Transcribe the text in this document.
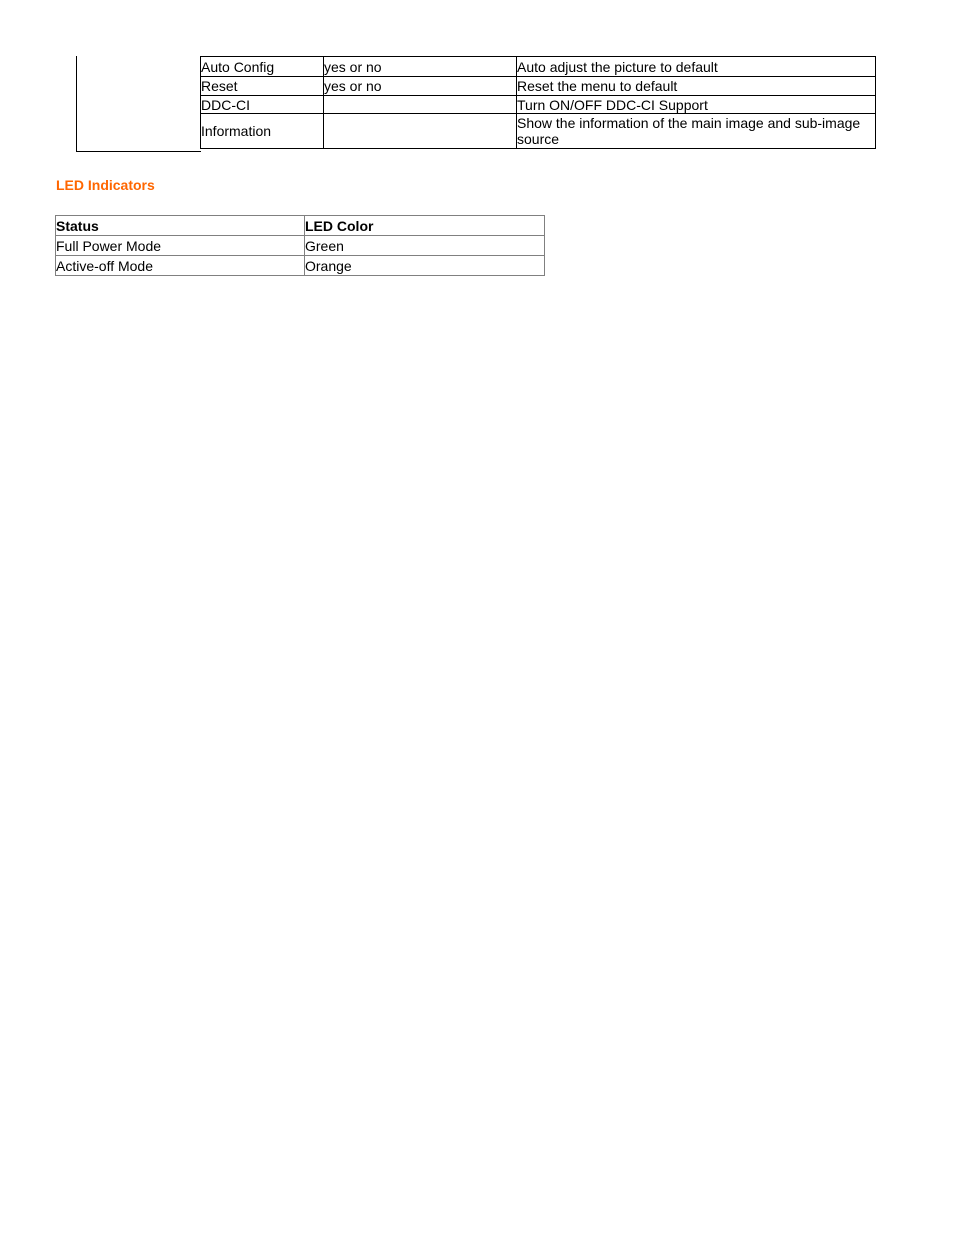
Auto Config	yes or no	Auto adjust the picture to default
Reset	yes or no	Reset the menu to default
DDC-CI		Turn ON/OFF DDC-CI Support
Information		Show the information of the main image and sub-image source
LED Indicators
Status	LED Color
Full Power Mode	Green
Active-off Mode	Orange
